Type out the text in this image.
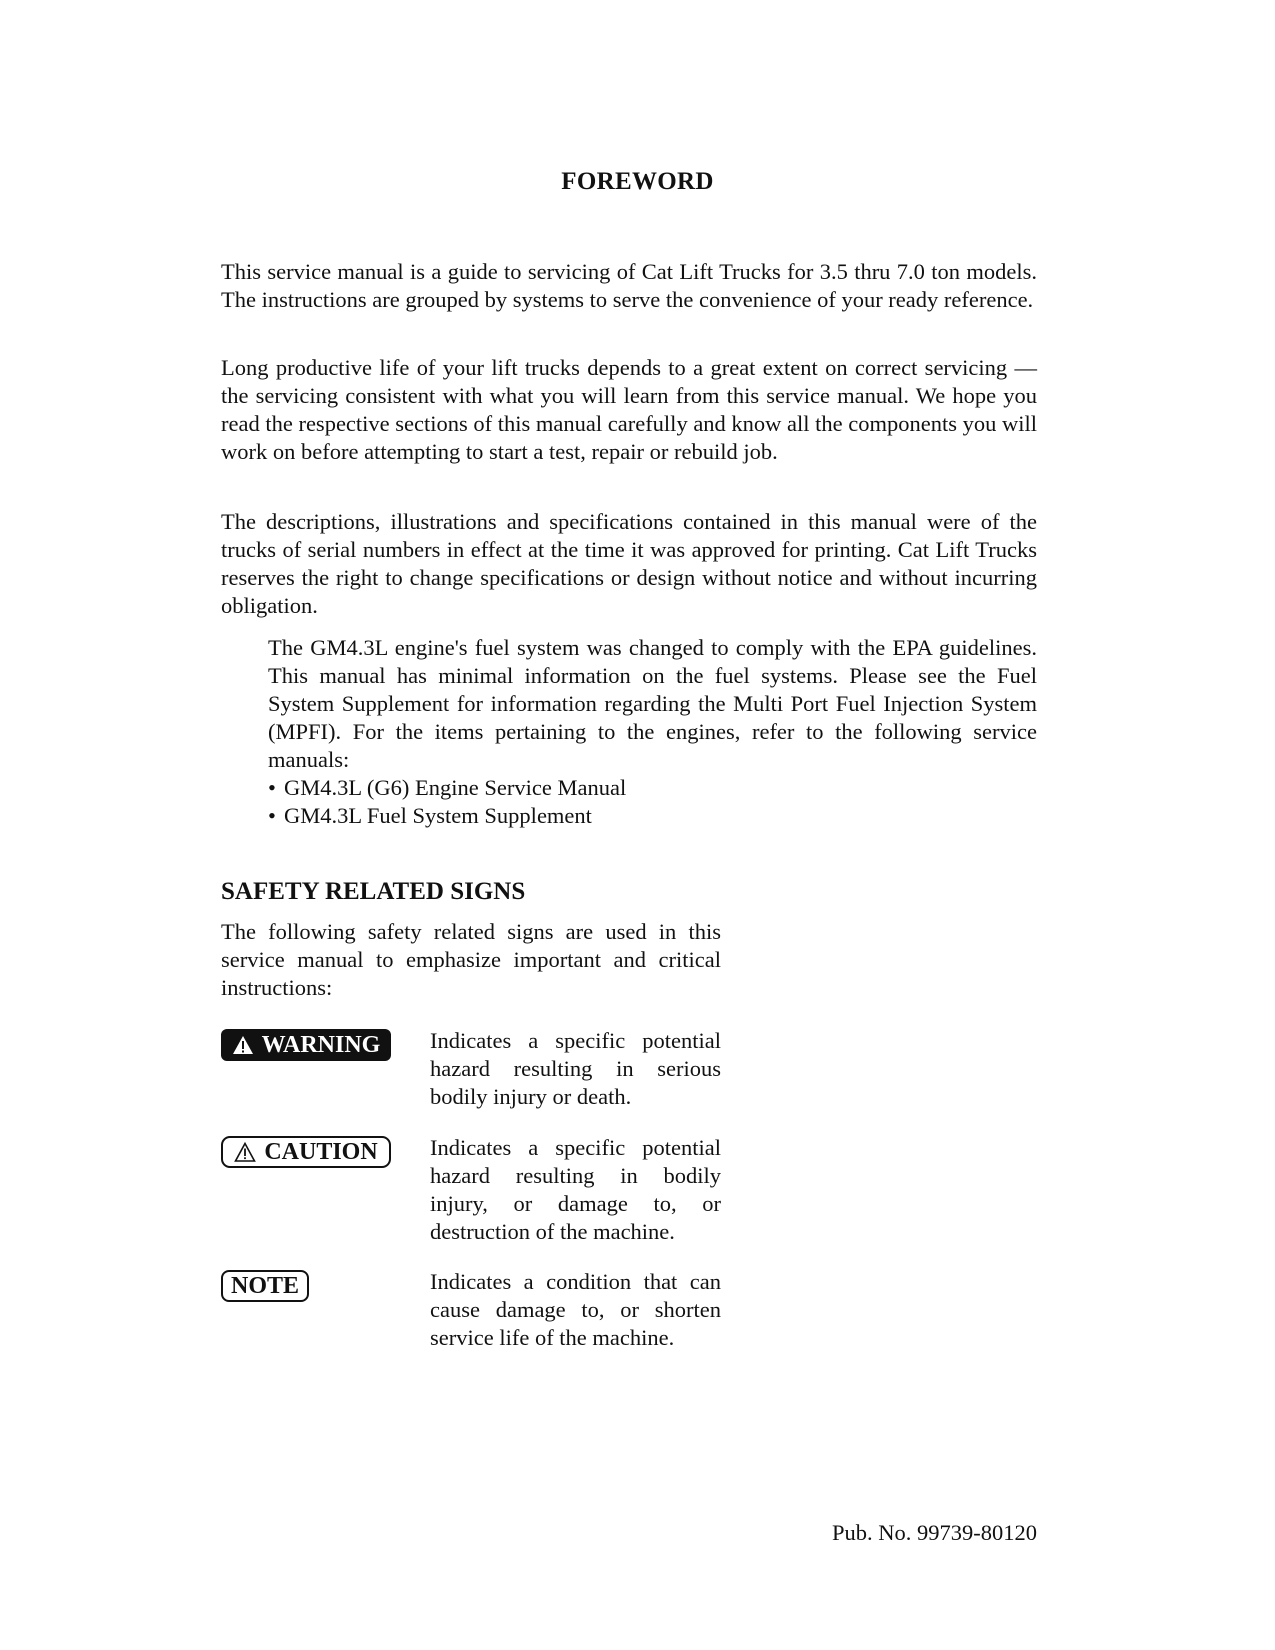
FOREWORD

This service manual is a guide to servicing of Cat Lift Trucks for 3.5 thru 7.0 ton models. The instructions are grouped by systems to serve the convenience of your ready reference.

Long productive life of your lift trucks depends to a great extent on correct servicing — the servicing consistent with what you will learn from this service manual. We hope you read the respective sections of this manual carefully and know all the components you will work on before attempting to start a test, repair or rebuild job.

The descriptions, illustrations and specifications contained in this manual were of the trucks of serial numbers in effect at the time it was approved for printing. Cat Lift Trucks reserves the right to change specifications or design without notice and without incurring obligation.

The GM4.3L engine's fuel system was changed to comply with the EPA guidelines. This manual has minimal information on the fuel systems. Please see the Fuel System Supplement for information regarding the Multi Port Fuel Injection System (MPFI). For the items pertaining to the engines, refer to the following service manuals:

• GM4.3L (G6) Engine Service Manual
• GM4.3L Fuel System Supplement
SAFETY RELATED SIGNS

The following safety related signs are used in this service manual to emphasize important and critical instructions:

WARNING Indicates a specific potential hazard resulting in serious bodily injury or death.

CAUTION Indicates a specific potential hazard resulting in bodily injury, or damage to, or destruction of the machine.

NOTE	Indicates a condition that can cause damage to, or shorten service life of the machine.

Pub. No. 99739-80120
